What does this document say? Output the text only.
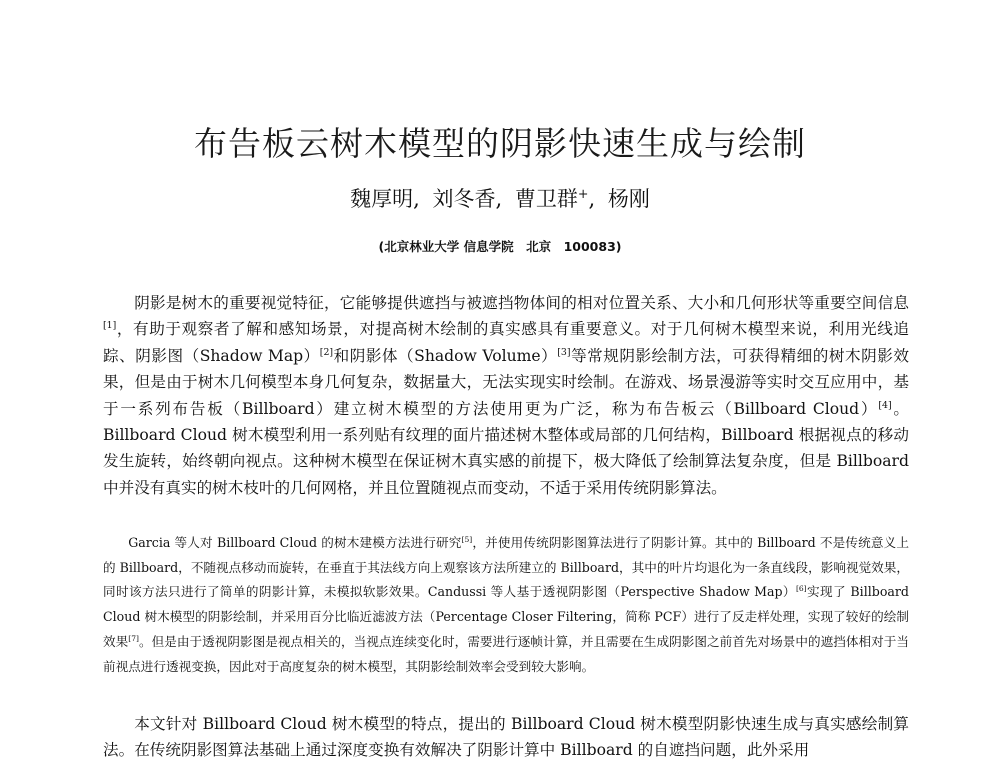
布告板云树木模型的阴影快速生成与绘制
魏厚明, 刘冬香, 曹卫群+, 杨刚
(北京林业大学 信息学院　北京　100083)
阴影是树木的重要视觉特征，它能够提供遮挡与被遮挡物体间的相对位置关系、大小和几何形状等重要空间信息[1]，有助于观察者了解和感知场景，对提高树木绘制的真实感具有重要意义。对于几何树木模型来说，利用光线追踪、阴影图（Shadow Map）[2]和阴影体（Shadow Volume）[3]等常规阴影绘制方法，可获得精细的树木阴影效果，但是由于树木几何模型本身几何复杂，数据量大，无法实现实时绘制。在游戏、场景漫游等实时交互应用中，基于一系列布告板（Billboard）建立树木模型的方法使用更为广泛，称为布告板云（Billboard Cloud）[4]。Billboard Cloud 树木模型利用一系列贴有纹理的面片描述树木整体或局部的几何结构，Billboard 根据视点的移动发生旋转，始终朝向视点。这种树木模型在保证树木真实感的前提下，极大降低了绘制算法复杂度，但是 Billboard 中并没有真实的树木枝叶的几何网格，并且位置随视点而变动，不适于采用传统阴影算法。
Garcia 等人对 Billboard Cloud 的树木建模方法进行研究[5]，并使用传统阴影图算法进行了阴影计算。其中的 Billboard 不是传统意义上的 Billboard，不随视点移动而旋转，在垂直于其法线方向上观察该方法所建立的 Billboard，其中的叶片均退化为一条直线段，影响视觉效果，同时该方法只进行了简单的阴影计算，未模拟软影效果。Candussi 等人基于透视阴影图（Perspective Shadow Map）[6]实现了 Billboard Cloud 树木模型的阴影绘制，并采用百分比临近滤波方法（Percentage Closer Filtering，简称 PCF）进行了反走样处理，实现了较好的绘制效果[7]。但是由于透视阴影图是视点相关的，当视点连续变化时，需要进行逐帧计算，并且需要在生成阴影图之前首先对场景中的遮挡体相对于当前视点进行透视变换，因此对于高度复杂的树木模型，其阴影绘制效率会受到较大影响。
本文针对 Billboard Cloud 树木模型的特点，提出的 Billboard Cloud 树木模型阴影快速生成与真实感绘制算法。在传统阴影图算法基础上通过深度变换有效解决了阴影计算中 Billboard 的自遮挡问题，此外采用
